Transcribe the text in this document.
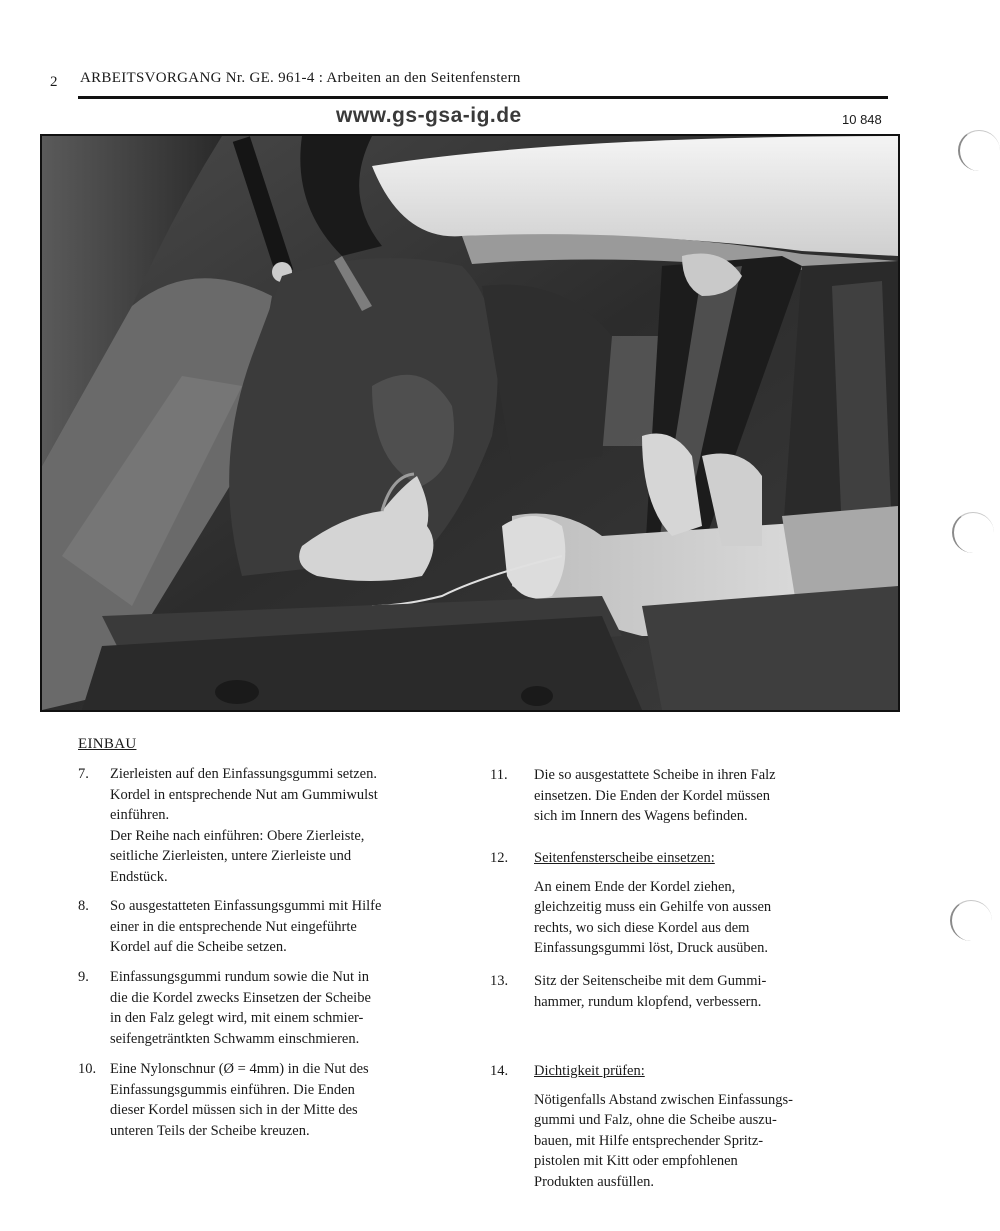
2 ARBEITSVORGANG Nr. GE. 961-4 : Arbeiten an den Seitenfenstern
www.gs-gsa-ig.de	10 848
EINBAU
7. Zierleisten auf den Einfassungsgummi setzen.
Kordel in entsprechende Nut am Gummiwulst
einführen.
Der Reihe nach einführen: Obere Zierleiste,
seitliche Zierleisten, untere Zierleiste und
Endstück.
8. So ausgestatteten Einfassungsgummi mit Hilfe
einer in die entsprechende Nut eingeführte
Kordel auf die Scheibe setzen.
9. Einfassungsgummi rundum sowie die Nut in
die die Kordel zwecks Einsetzen der Scheibe
in den Falz gelegt wird, mit einem schmier-
seifengeträntkten Schwamm einschmieren.
10. Eine Nylonschnur (Ø = 4mm) in die Nut des
Einfassungsgummis einführen. Die Enden
dieser Kordel müssen sich in der Mitte des
unteren Teils der Scheibe kreuzen.
11. Die so ausgestattete Scheibe in ihren Falz
einsetzen. Die Enden der Kordel müssen
sich im Innern des Wagens befinden.
12. Seitenfensterscheibe einsetzen:
An einem Ende der Kordel ziehen,
gleichzeitig muss ein Gehilfe von aussen
rechts, wo sich diese Kordel aus dem
Einfassungsgummi löst, Druck ausüben.
13. Sitz der Seitenscheibe mit dem Gummi-
hammer, rundum klopfend, verbessern.
14. Dichtigkeit prüfen:
Nötigenfalls Abstand zwischen Einfassungs-
gummi und Falz, ohne die Scheibe auszu-
bauen, mit Hilfe entsprechender Spritz-
pistolen mit Kitt oder empfohlenen
Produkten ausfüllen.
